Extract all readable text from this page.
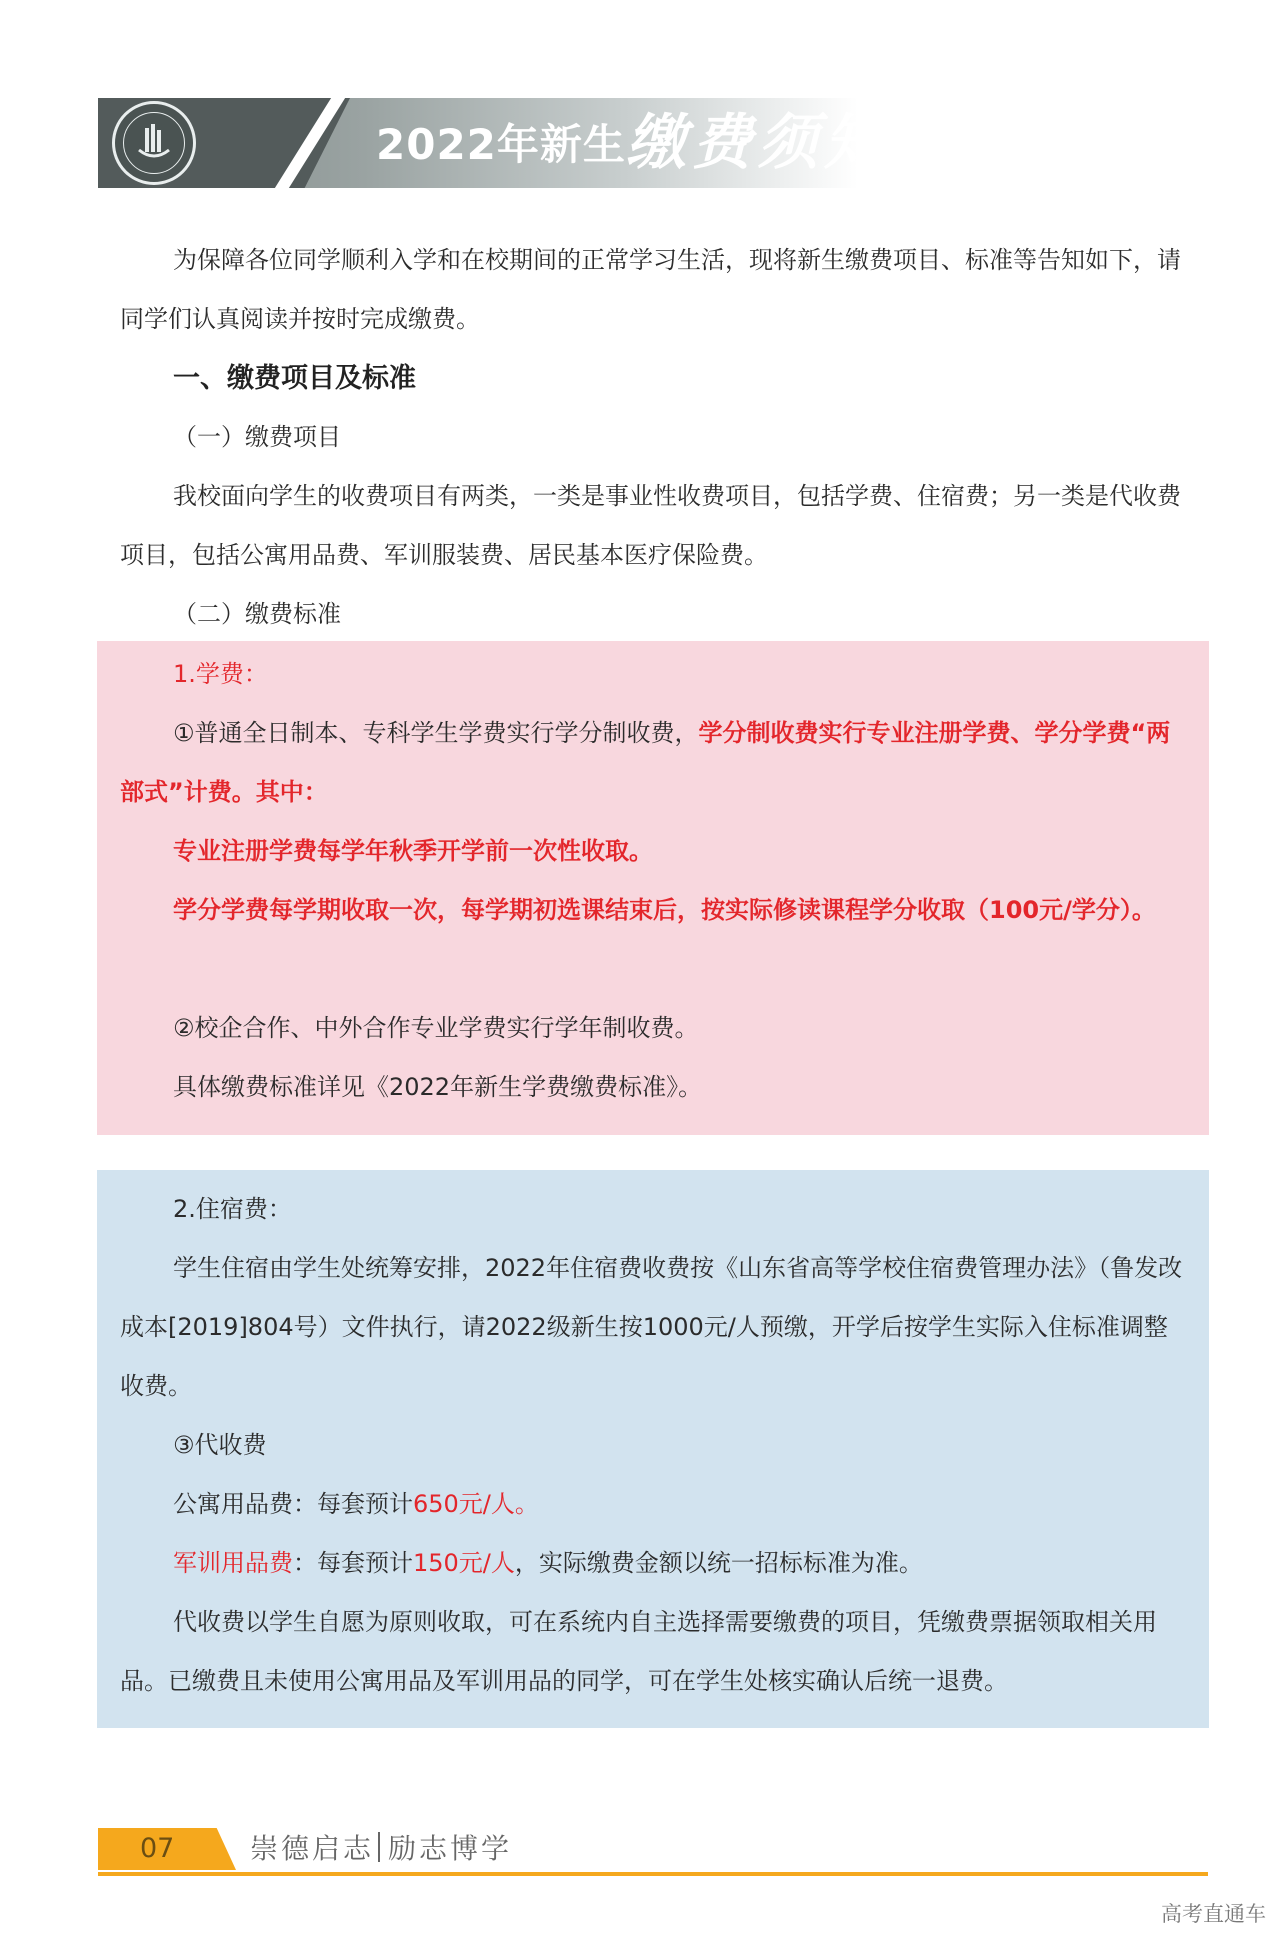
2022年新生缴费须知

为保障各位同学顺利入学和在校期间的正常学习生活，现将新生缴费项目、标准等告知如下，请同学们认真阅读并按时完成缴费。

一、缴费项目及标准

（一）缴费项目

我校面向学生的收费项目有两类，一类是事业性收费项目，包括学费、住宿费；另一类是代收费项目，包括公寓用品费、军训服装费、居民基本医疗保险费。

（二）缴费标准

1.学费：

①普通全日制本、专科学生学费实行学分制收费，学分制收费实行专业注册学费、学分学费“两部式”计费。其中：

专业注册学费每学年秋季开学前一次性收取。

学分学费每学期收取一次，每学期初选课结束后，按实际修读课程学分收取（100元/学分）。

②校企合作、中外合作专业学费实行学年制收费。

具体缴费标准详见《2022年新生学费缴费标准》。

2.住宿费：

学生住宿由学生处统筹安排，2022年住宿费收费按《山东省高等学校住宿费管理办法》（鲁发改成本[2019]804号）文件执行，请2022级新生按1000元/人预缴，开学后按学生实际入住标准调整收费。

③代收费

公寓用品费：每套预计650元/人。

军训用品费：每套预计150元/人，实际缴费金额以统一招标标准为准。

代收费以学生自愿为原则收取，可在系统内自主选择需要缴费的项目，凭缴费票据领取相关用品。已缴费且未使用公寓用品及军训用品的同学，可在学生处核实确认后统一退费。

07	崇德启志 励志博学
高考直通车
